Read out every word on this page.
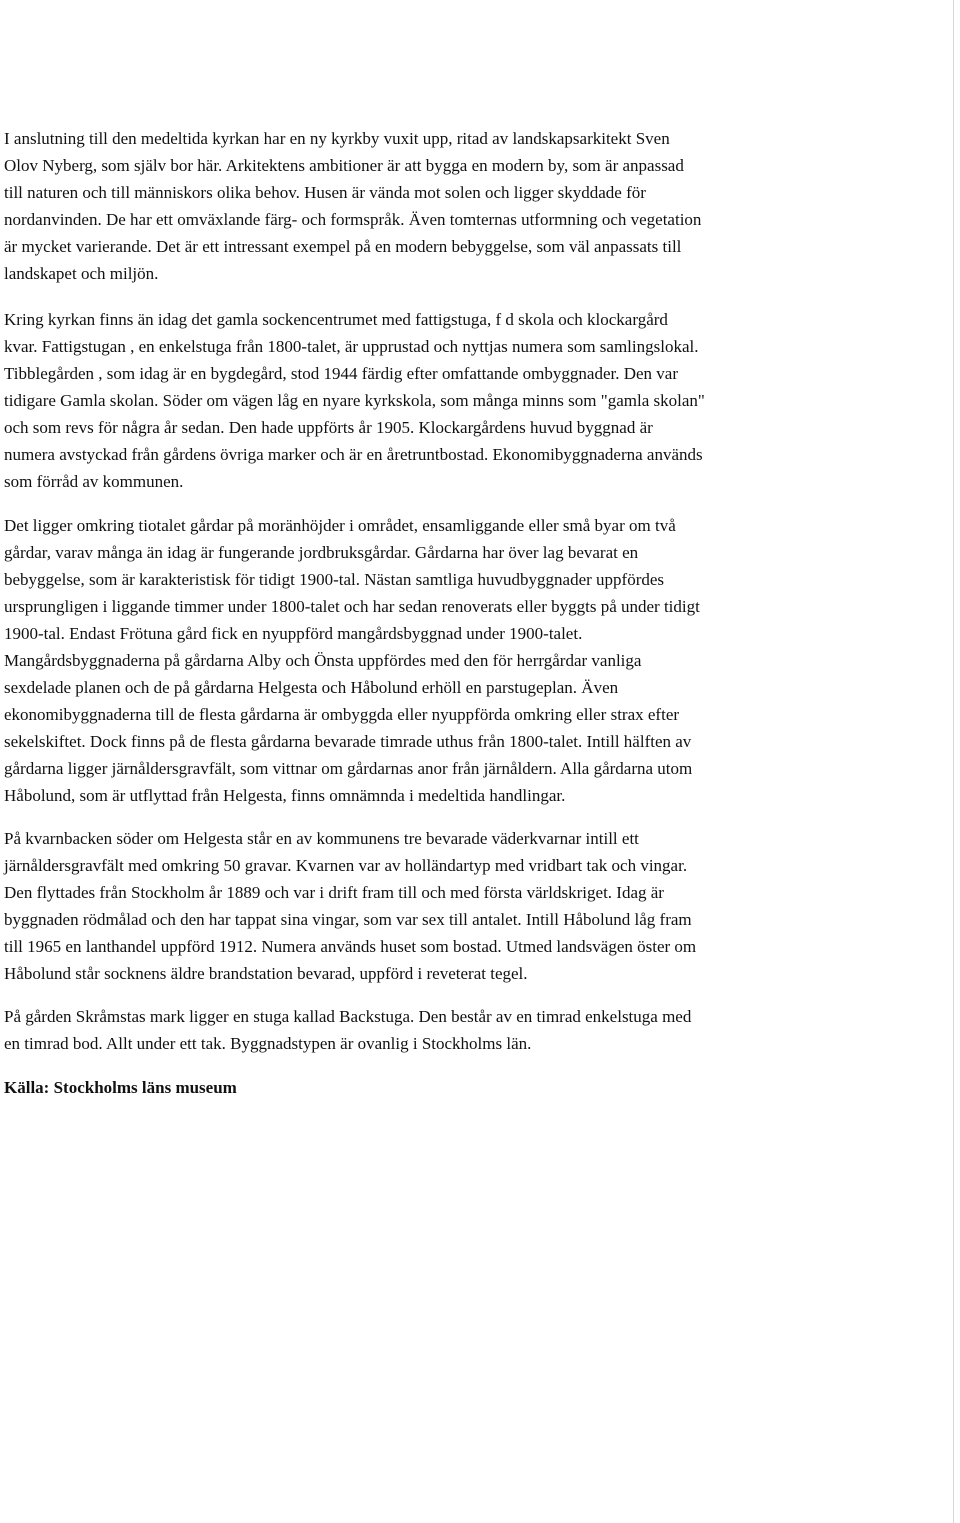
I anslutning till den medeltida kyrkan har en ny kyrkby vuxit upp, ritad av landskapsarkitekt Sven

Olov Nyberg, som själv bor här. Arkitektens ambitioner är att bygga en modern by, som är anpassad

till naturen och till människors olika behov. Husen är vända mot solen och ligger skyddade för

nordanvinden. De har ett omväxlande färg- och formspråk. Även tomternas utformning och vegetation

är mycket varierande. Det är ett intressant exempel på en modern bebyggelse, som väl anpassats till

landskapet och miljön.

Kring kyrkan finns än idag det gamla sockencentrumet med fattigstuga, f d skola och klockargård

kvar. Fattigstugan , en enkelstuga från 1800-talet, är upprustad och nyttjas numera som samlingslokal.

Tibblegården , som idag är en bygdegård, stod 1944 färdig efter omfattande ombyggnader. Den var

tidigare Gamla skolan. Söder om vägen låg en nyare kyrkskola, som många minns som "gamla skolan"

och som revs för några år sedan. Den hade uppförts år 1905. Klockargårdens huvud byggnad är

numera avstyckad från gårdens övriga marker och är en åretruntbostad. Ekonomibyggnaderna används

som förråd av kommunen.

Det ligger omkring tiotalet gårdar på moränhöjder i området, ensamliggande eller små byar om två

gårdar, varav många än idag är fungerande jordbruksgårdar. Gårdarna har över lag bevarat en

bebyggelse, som är karakteristisk för tidigt 1900-tal. Nästan samtliga huvudbyggnader uppfördes

ursprungligen i liggande timmer under 1800-talet och har sedan renoverats eller byggts på under tidigt

1900-tal. Endast Frötuna gård fick en nyuppförd mangårdsbyggnad under 1900-talet.

Mangårdsbyggnaderna på gårdarna Alby och Önsta uppfördes med den för herrgårdar vanliga

sexdelade planen och de på gårdarna Helgesta och Håbolund erhöll en parstugeplan. Även

ekonomibyggnaderna till de flesta gårdarna är ombyggda eller nyuppförda omkring eller strax efter

sekelskiftet. Dock finns på de flesta gårdarna bevarade timrade uthus från 1800-talet. Intill hälften av

gårdarna ligger järnåldersgravfält, som vittnar om gårdarnas anor från järnåldern. Alla gårdarna utom

Håbolund, som är utflyttad från Helgesta, finns omnämnda i medeltida handlingar.

På kvarnbacken söder om Helgesta står en av kommunens tre bevarade väderkvarnar intill ett

järnåldersgravfält med omkring 50 gravar. Kvarnen var av holländartyp med vridbart tak och vingar.

Den flyttades från Stockholm år 1889 och var i drift fram till och med första världskriget. Idag är

byggnaden rödmålad och den har tappat sina vingar, som var sex till antalet. Intill Håbolund låg fram

till 1965 en lanthandel uppförd 1912. Numera används huset som bostad. Utmed landsvägen öster om

Håbolund står socknens äldre brandstation bevarad, uppförd i reveterat tegel.

På gården Skråmstas mark ligger en stuga kallad Backstuga. Den består av en timrad enkelstuga med

en timrad bod. Allt under ett tak. Byggnadstypen är ovanlig i Stockholms län.

Källa: Stockholms läns museum
